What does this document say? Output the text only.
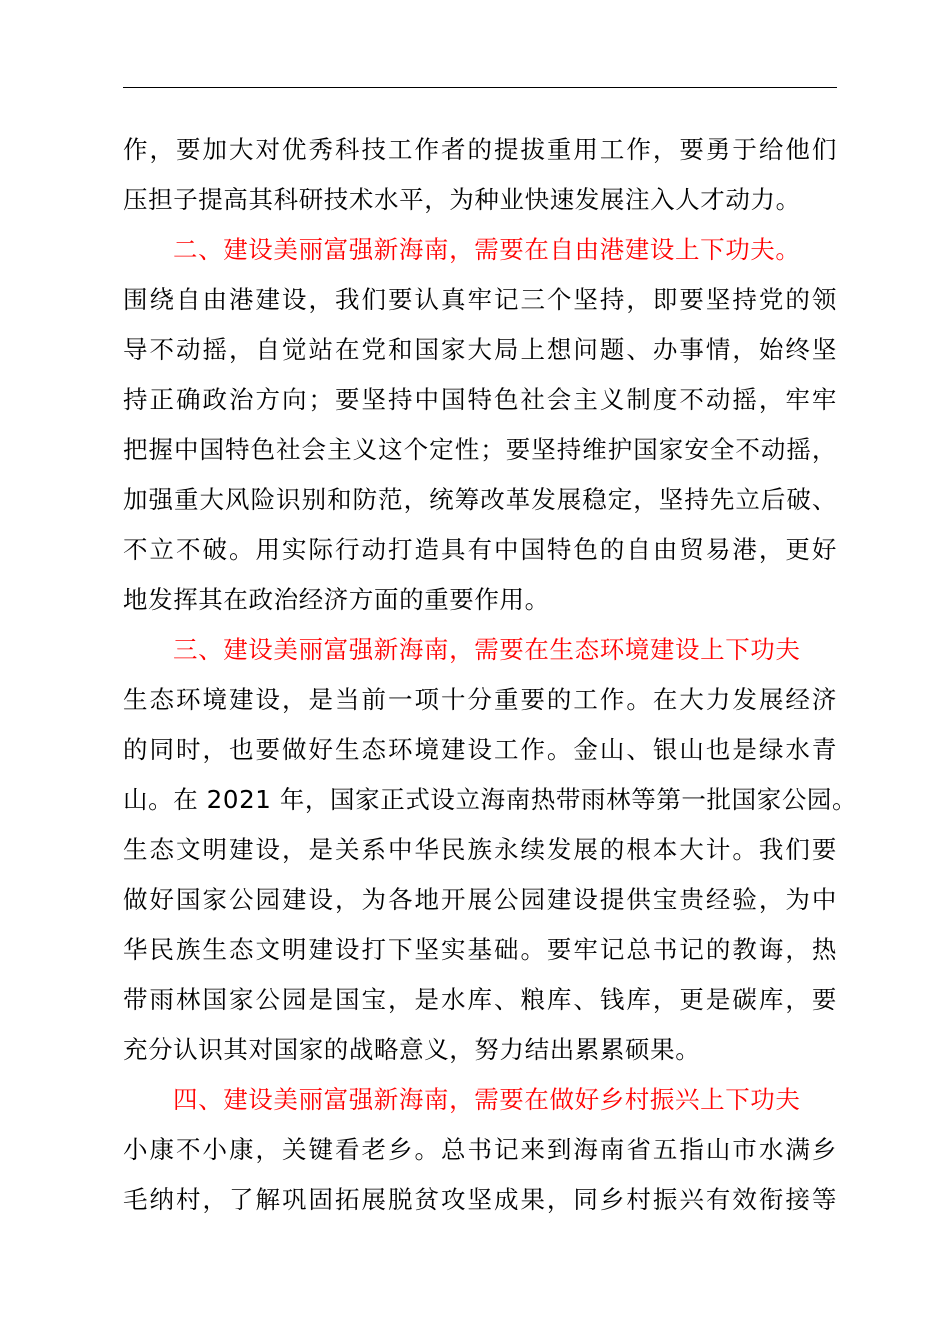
作，要加大对优秀科技工作者的提拔重用工作，要勇于给他们
压担子提高其科研技术水平，为种业快速发展注入人才动力。
二、建设美丽富强新海南，需要在自由港建设上下功夫。
围绕自由港建设，我们要认真牢记三个坚持，即要坚持党的领
导不动摇，自觉站在党和国家大局上想问题、办事情，始终坚
持正确政治方向；要坚持中国特色社会主义制度不动摇，牢牢
把握中国特色社会主义这个定性；要坚持维护国家安全不动摇，
加强重大风险识别和防范，统筹改革发展稳定，坚持先立后破、
不立不破。用实际行动打造具有中国特色的自由贸易港，更好
地发挥其在政治经济方面的重要作用。
三、建设美丽富强新海南，需要在生态环境建设上下功夫
生态环境建设，是当前一项十分重要的工作。在大力发展经济
的同时，也要做好生态环境建设工作。金山、银山也是绿水青
山。在 2021 年，国家正式设立海南热带雨林等第一批国家公园。
生态文明建设，是关系中华民族永续发展的根本大计。我们要
做好国家公园建设，为各地开展公园建设提供宝贵经验，为中
华民族生态文明建设打下坚实基础。要牢记总书记的教诲，热
带雨林国家公园是国宝，是水库、粮库、钱库，更是碳库，要
充分认识其对国家的战略意义，努力结出累累硕果。
四、建设美丽富强新海南，需要在做好乡村振兴上下功夫
小康不小康，关键看老乡。总书记来到海南省五指山市水满乡
毛纳村，了解巩固拓展脱贫攻坚成果，同乡村振兴有效衔接等
